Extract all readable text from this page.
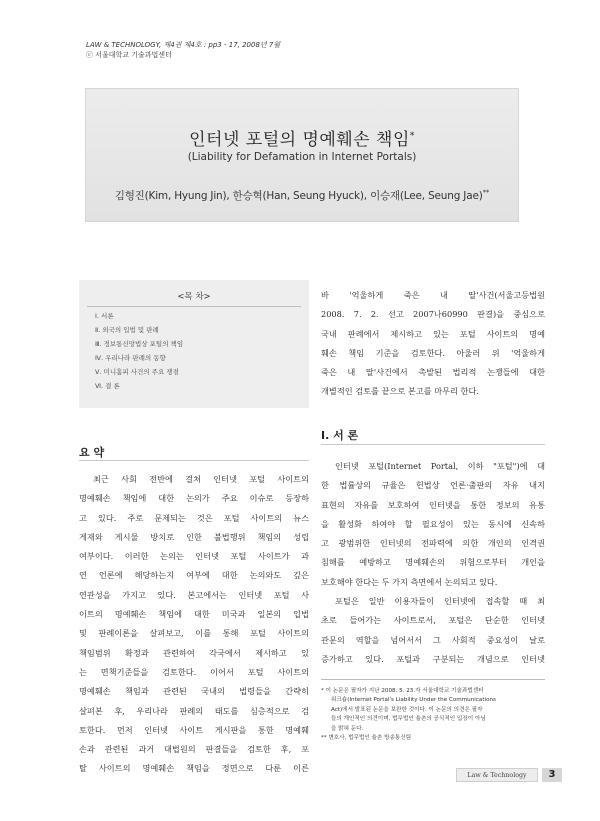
LAW & TECHNOLOGY, 제4권 제4호 : pp3 - 17, 2008년 7월
ⓒ 서울대학교 기술과법센터
인터넷 포털의 명예훼손 책임*
(Liability for Defamation in Internet Portals)
김형진(Kim, Hyung Jin), 한승혁(Han, Seung Hyuck), 이승재(Lee, Seung Jae)**
<목 차>
Ⅰ. 서론
Ⅱ. 외국의 입법 및 판례
Ⅲ. 정보통신망법상 포털의 책임
Ⅳ. 우리나라 판례의 동향
Ⅴ. 미니홈피 사건의 주요 쟁점
Ⅵ. 결 론
요 약
최근 사회 전반에 걸쳐 인터넷 포털 사이트의
명예훼손 책임에 대한 논의가 주요 이슈로 등장하
고 있다. 주로 문제되는 것은 포털 사이트의 뉴스
게재와 게시물 방치로 인한 불법행위 책임의 성립
여부이다. 이러한 논의는 인터넷 포털 사이트가 과
연 언론에 해당하는지 여부에 대한 논의와도 깊은
연관성을 가지고 있다. 본고에서는 인터넷 포털 사
이트의 명예훼손 책임에 대한 미국과 일본의 입법
및 판례이론을 살펴보고, 이를 통해 포털 사이트의
책임범위 확정과 관련하여 각국에서 제시하고 있
는 면책기준들을 검토한다. 이어서 포털 사이트의
명예훼손 책임과 관련된 국내의 법령들을 간략히
살펴본 후, 우리나라 판례의 태도를 심층적으로 검
토한다. 먼저 인터넷 사이트 게시판을 통한 명예훼
손과 관련된 과거 대법원의 판결들을 검토한 후, 포
탈 사이트의 명예훼손 책임을 정면으로 다룬 이른
바 '억울하게 죽은 내 딸'사건(서울고등법원
2008. 7. 2. 선고 2007나60990 판결)을 중심으로
국내 판례에서 제시하고 있는 포털 사이트의 명예
훼손 책임 기준을 검토한다. 아울러 위 '억울하게
죽은 내 딸'사건에서 촉발된 법리적 논쟁들에 대한
개별적인 검토를 끝으로 본고를 마무리 한다.
Ⅰ. 서 론
인터넷 포털(Internet Portal, 이하 "포털")에 대
한 법률상의 규율은 헌법상 언론·출판의 자유 내지
표현의 자유를 보호하여 인터넷을 통한 정보의 유통
을 활성화 하여야 할 필요성이 있는 동시에 신속하
고 광범위한 인터넷의 전파력에 의한 개인의 인격권
침해를 예방하고 명예훼손의 위험으로부터 개인을
보호해야 한다는 두 가지 측면에서 논의되고 있다.
포털은 일반 이용자들이 인터넷에 접속할 때 최
초로 들어가는 사이트로서, 포털은 단순한 인터넷
관문의 역할을 넘어서서 그 사회적 중요성이 날로
증가하고 있다. 포털과 구분되는 개념으로 인터넷
* 이 논문은 필자가 지난 2008. 5. 23.자 서울대학교 기술과법센터
워크숍(Internet Portal's Liability Under the Communications
Act)에서 발표된 논문을 보완한 것이다. 이 논문의 의견은 필자
들의 개인적인 의견이며, 법무법인 율촌의 공식적인 입장이 아님
을 밝혀 둔다.
** 변호사, 법무법인 율촌 방송통신팀
Law & Technology	3
